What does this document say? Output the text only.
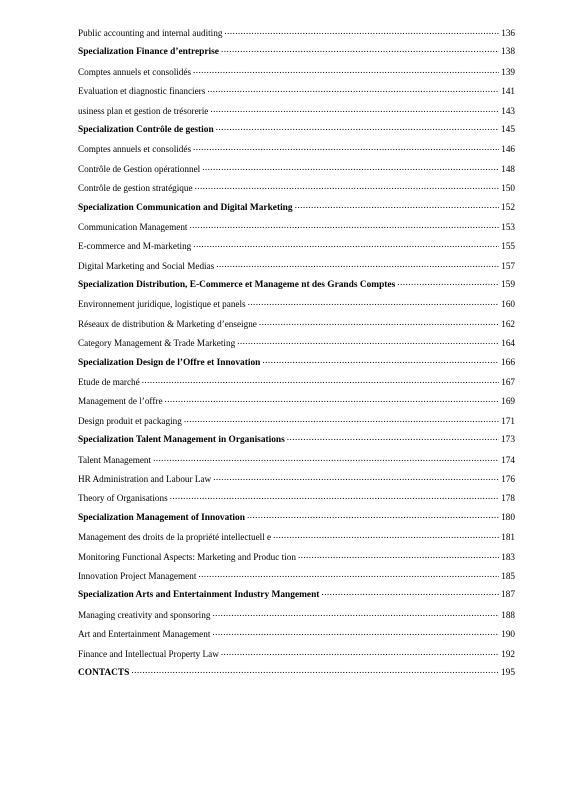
Public accounting and internal auditing .....	136
Specialization Finance d’entreprise .....	138
Comptes annuels et consolidés .....	139
Evaluation et diagnostic financiers .....	141
usiness plan et gestion de trésorerie .....	143
Specialization Contrôle de gestion .....	145
Comptes annuels et consolidés .....	146
Contrôle de Gestion opérationnel .....	148
Contrôle de gestion stratégique .....	150
Specialization Communication and Digital Marketing .....	152
Communication Management .....	153
E-commerce and M-marketing .....	155
Digital Marketing and Social Medias .....	157
Specialization Distribution, E-Commerce et Manageme nt des Grands Comptes .....	159
Environnement juridique, logistique et panels .....	160
Réseaux de distribution & Marketing d’enseigne .....	162
Category Management & Trade Marketing .....	164
Specialization Design de l’Offre et Innovation .....	166
Etude de marché .....	167
Management de l’offre .....	169
Design produit et packaging .....	171
Specialization Talent Management in Organisations .....	173
Talent Management .....	174
HR Administration and Labour Law .....	176
Theory of Organisations .....	178
Specialization Management of Innovation .....	180
Management des droits de la propriété intellectuell e .....	181
Monitoring Functional Aspects: Marketing and Produc tion .....	183
Innovation Project Management .....	185
Specialization Arts and Entertainment Industry Mangement .....	187
Managing creativity and sponsoring .....	188
Art and Entertainment Management .....	190
Finance and Intellectual Property Law .....	192
CONTACTS .....	195
